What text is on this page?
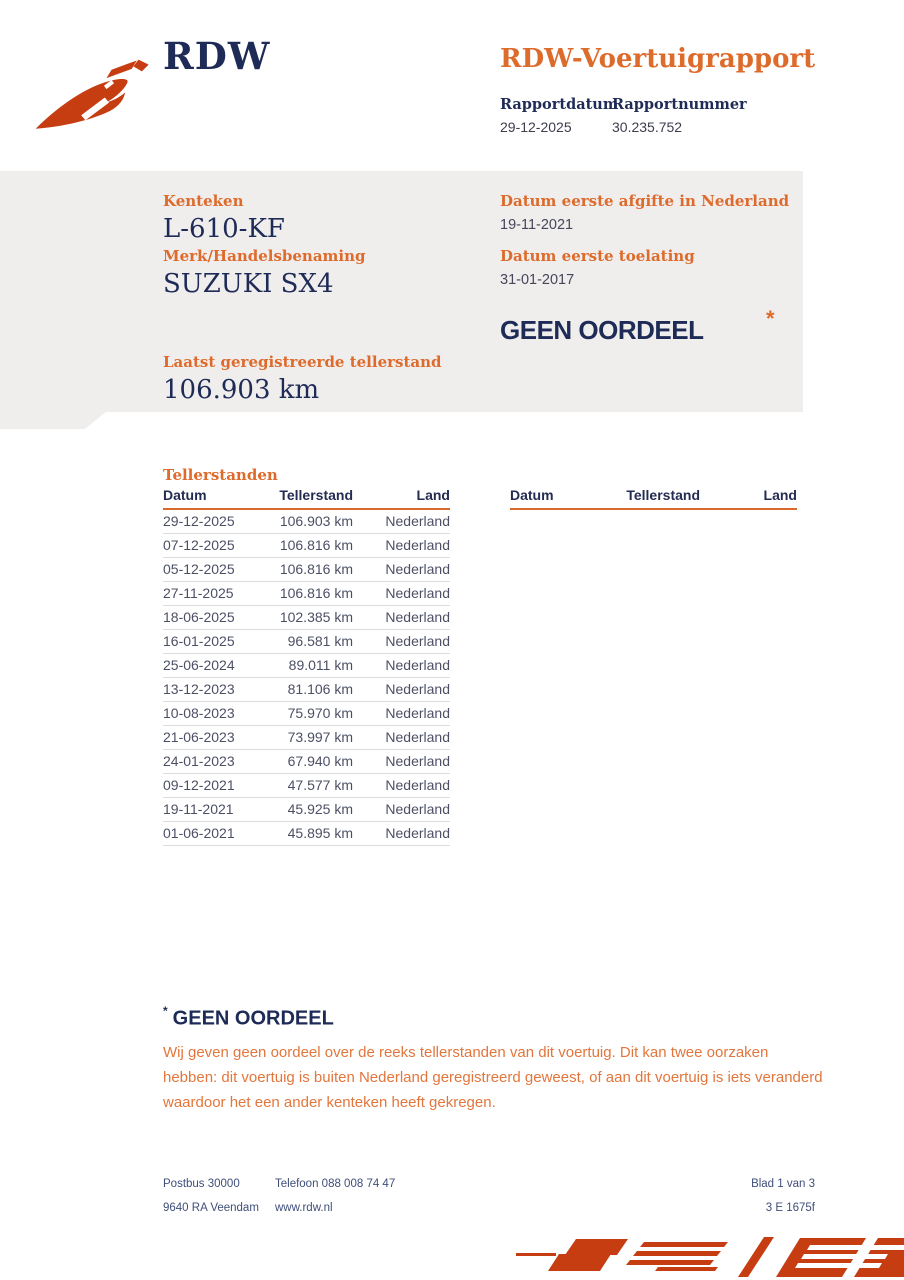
RDW	RDW-Voertuigrapport
Rapportdatum
29-12-2025
Rapportnummer
30.235.752
Kenteken
L-610-KF
Merk/Handelsbenaming
SUZUKI SX4
Laatst geregistreerde tellerstand
106.903 km
Datum eerste afgifte in Nederland
19-11-2021
Datum eerste toelating
31-01-2017
GEEN OORDEEL	*
Tellerstanden
Datum	Tellerstand	Land
29-12-2025	106.903 km	Nederland
07-12-2025	106.816 km	Nederland
05-12-2025	106.816 km	Nederland
27-11-2025	106.816 km	Nederland
18-06-2025	102.385 km	Nederland
16-01-2025	96.581 km	Nederland
25-06-2024	89.011 km	Nederland
13-12-2023	81.106 km	Nederland
10-08-2023	75.970 km	Nederland
21-06-2023	73.997 km	Nederland
24-01-2023	67.940 km	Nederland
09-12-2021	47.577 km	Nederland
19-11-2021	45.925 km	Nederland
01-06-2021	45.895 km	Nederland
Datum	Tellerstand	Land
* GEEN OORDEEL
Wij geven geen oordeel over de reeks tellerstanden van dit voertuig. Dit kan twee oorzaken hebben: dit voertuig is buiten Nederland geregistreerd geweest, of aan dit voertuig is iets veranderd waardoor het een ander kenteken heeft gekregen.
Postbus 30000
9640 RA Veendam
Telefoon 088 008 74 47
www.rdw.nl
Blad 1 van 3
3 E 1675f
